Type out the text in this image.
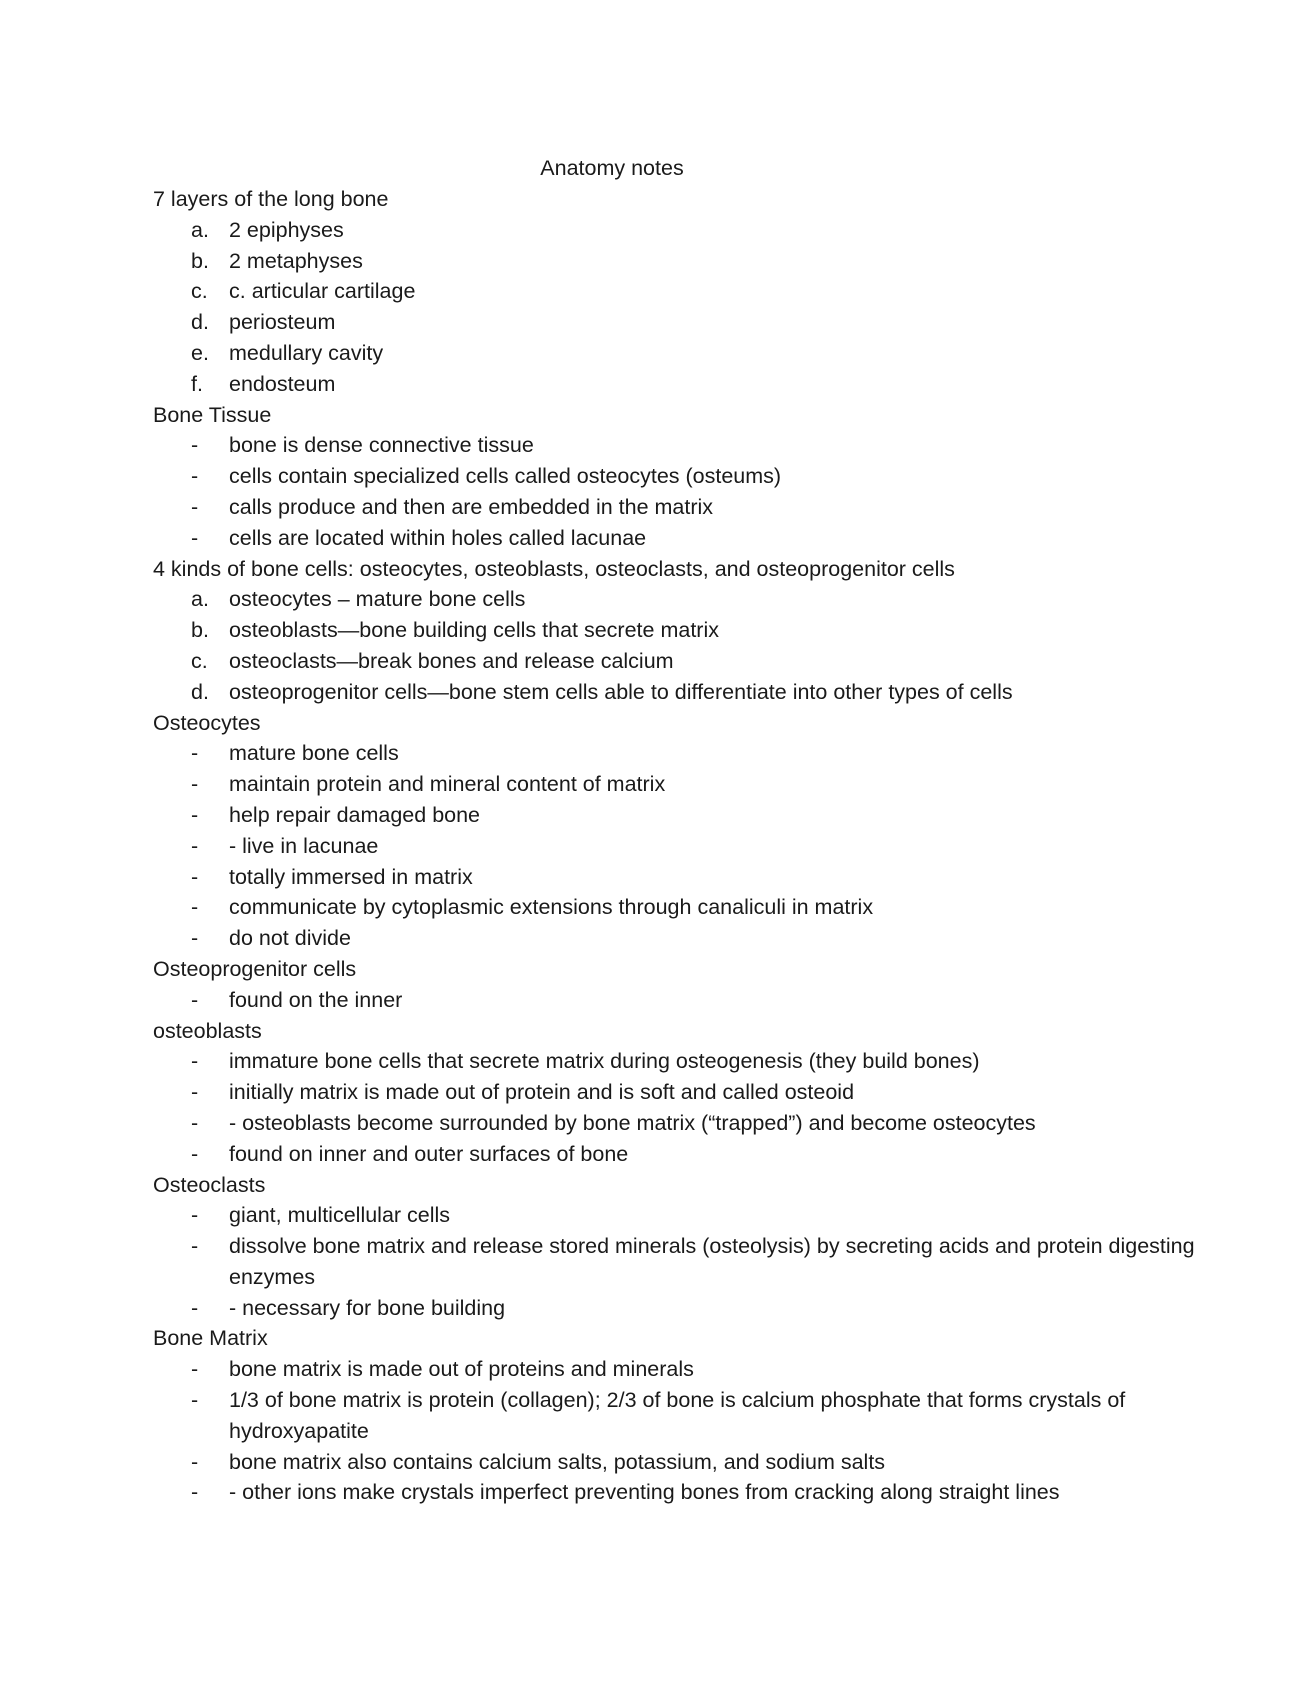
Anatomy notes
7 layers of the long bone
a. 2 epiphyses
b. 2 metaphyses
c. c. articular cartilage
d. periosteum
e. medullary cavity
f.	endosteum
Bone Tissue
-	bone is dense connective tissue
-	cells contain specialized cells called osteocytes (osteums)
-	calls produce and then are embedded in the matrix
-	cells are located within holes called lacunae
4 kinds of bone cells: osteocytes, osteoblasts, osteoclasts, and osteoprogenitor cells
a. osteocytes – mature bone cells
b. osteoblasts—bone building cells that secrete matrix
c. osteoclasts—break bones and release calcium
d. osteoprogenitor cells—bone stem cells able to differentiate into other types of cells
Osteocytes
-	mature bone cells
-	maintain protein and mineral content of matrix
-	help repair damaged bone
-	- live in lacunae
-	totally immersed in matrix
-	communicate by cytoplasmic extensions through canaliculi in matrix
-	do not divide
Osteoprogenitor cells
-	found on the inner
osteoblasts
-	immature bone cells that secrete matrix during osteogenesis (they build bones)
-	initially matrix is made out of protein and is soft and called osteoid
-	- osteoblasts become surrounded by bone matrix (“trapped”) and become osteocytes
-	found on inner and outer surfaces of bone
Osteoclasts
-	giant, multicellular cells
-	dissolve bone matrix and release stored minerals (osteolysis) by secreting acids and protein digesting enzymes
-	- necessary for bone building
Bone Matrix
-	bone matrix is made out of proteins and minerals
-	1/3 of bone matrix is protein (collagen); 2/3 of bone is calcium phosphate that forms crystals of hydroxyapatite
-	bone matrix also contains calcium salts, potassium, and sodium salts
-	- other ions make crystals imperfect preventing bones from cracking along straight lines
